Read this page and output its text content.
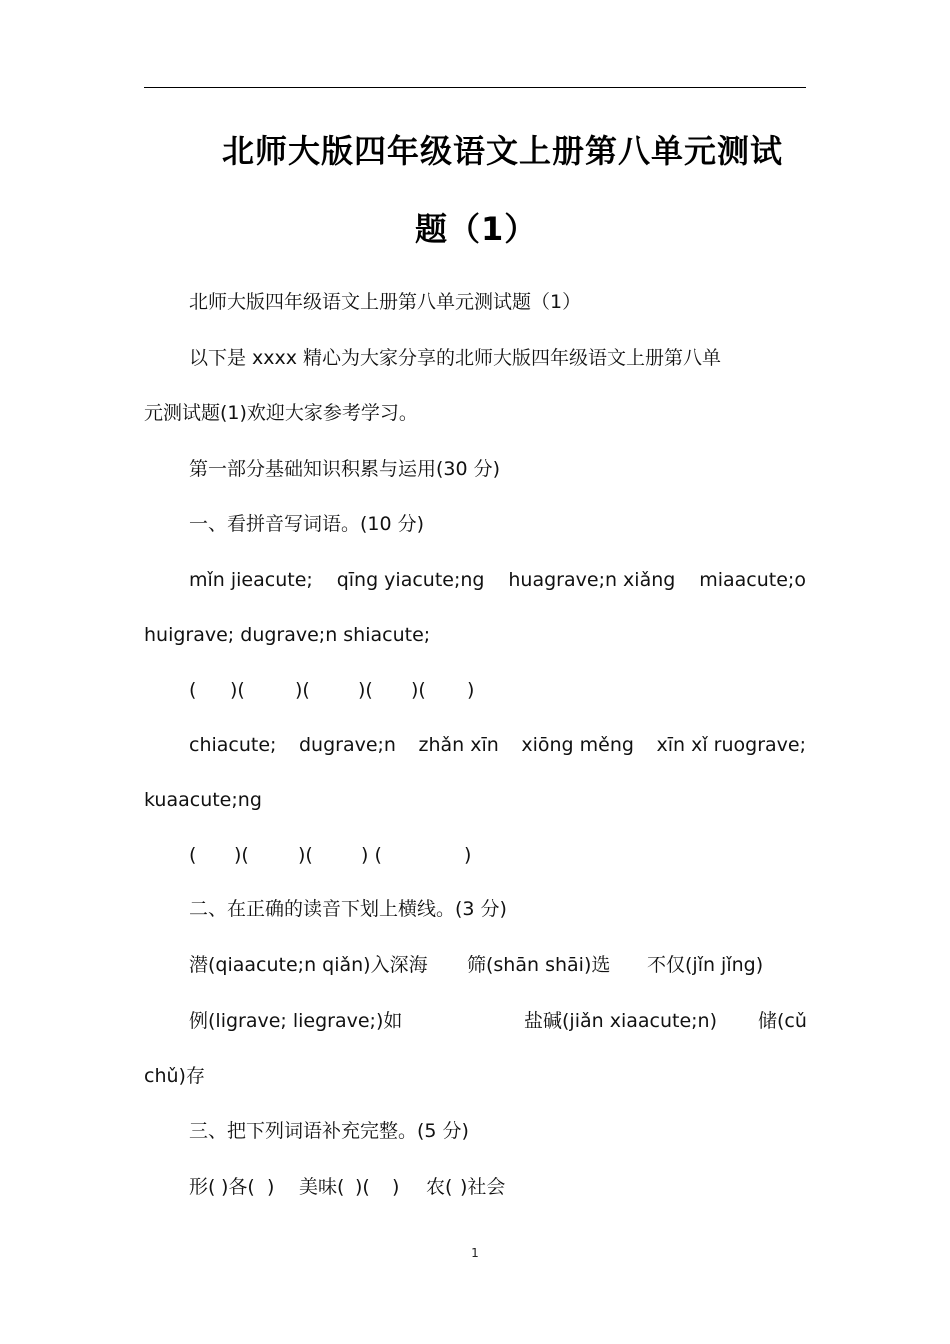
北师大版四年级语文上册第八单元测试
题（1）
北师大版四年级语文上册第八单元测试题（1）
以下是 xxxx 精心为大家分享的北师大版四年级语文上册第八单
元测试题(1)欢迎大家参考学习。
第一部分基础知识积累与运用(30 分)
一、看拼音写词语。(10 分)
mǐn jieacute; qīng yiacute;ng huagrave;n xiǎng miaacute;o
huigrave; dugrave;n shiacute;
(	)(	)(	)(	)(	)
chiacute; dugrave;n zhǎn xīn xiōng měng xīn xǐ ruograve;
kuaacute;ng
(	)(	)(	) (	)
二、在正确的读音下划上横线。(3 分)
潜(qiaacute;n qiǎn)入深海	筛(shān shāi)选	不仅(jǐn jǐng)
例(ligrave; liegrave;)如	盐碱(jiǎn xiaacute;n)	储(cǔ
chǔ)存
三、把下列词语补充完整。(5 分)
形( )各( )	美味( )(	)	农( )社会
1
